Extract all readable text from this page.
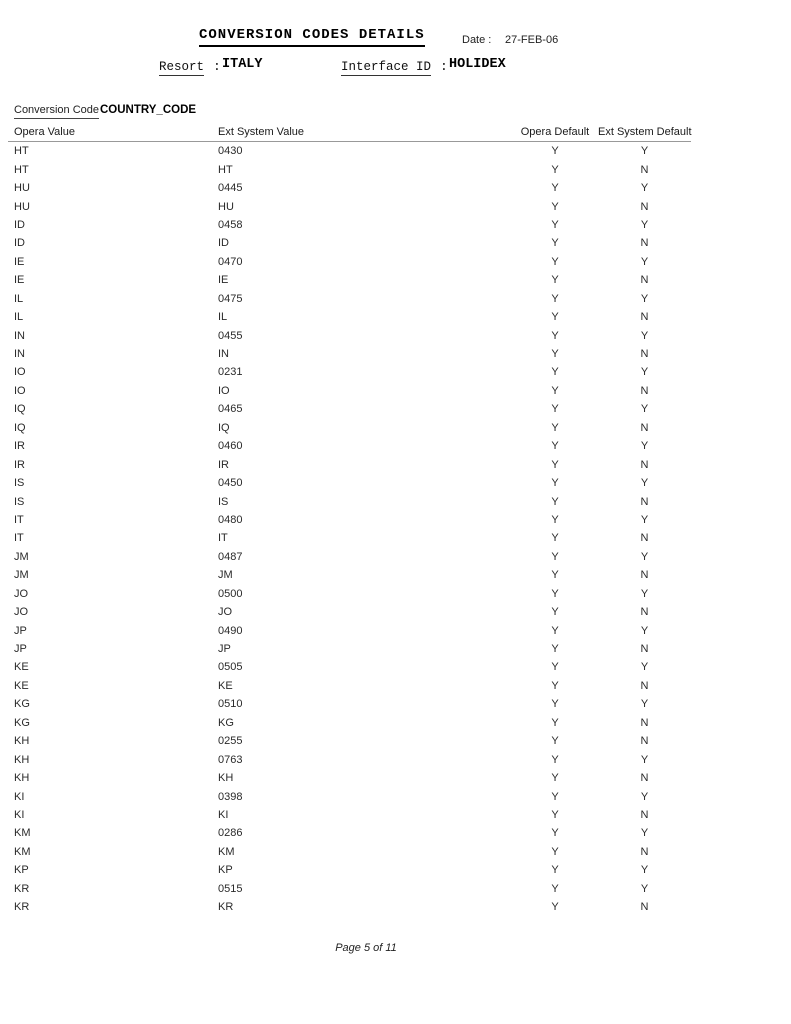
CONVERSION CODES DETAILS	Date : 27-FEB-06
Resort : ITALY	Interface ID : HOLIDEX
Conversion Code COUNTRY_CODE
Opera Value	Ext System Value	Opera Default Ext System Default
HT	0430	Y	Y
HT	HT	Y	N
HU	0445	Y	Y
HU	HU	Y	N
ID	0458	Y	Y
ID	ID	Y	N
IE	0470	Y	Y
IE	IE	Y	N
IL	0475	Y	Y
IL	IL	Y	N
IN	0455	Y	Y
IN	IN	Y	N
IO	0231	Y	Y
IO	IO	Y	N
IQ	0465	Y	Y
IQ	IQ	Y	N
IR	0460	Y	Y
IR	IR	Y	N
IS	0450	Y	Y
IS	IS	Y	N
IT	0480	Y	Y
IT	IT	Y	N
JM	0487	Y	Y
JM	JM	Y	N
JO	0500	Y	Y
JO	JO	Y	N
JP	0490	Y	Y
JP	JP	Y	N
KE	0505	Y	Y
KE	KE	Y	N
KG	0510	Y	Y
KG	KG	Y	N
KH	0255	Y	N
KH	0763	Y	Y
KH	KH	Y	N
KI	0398	Y	Y
KI	KI	Y	N
KM	0286	Y	Y
KM	KM	Y	N
KP	KP	Y	Y
KR	0515	Y	Y
KR	KR	Y	N
Page 5 of 11
